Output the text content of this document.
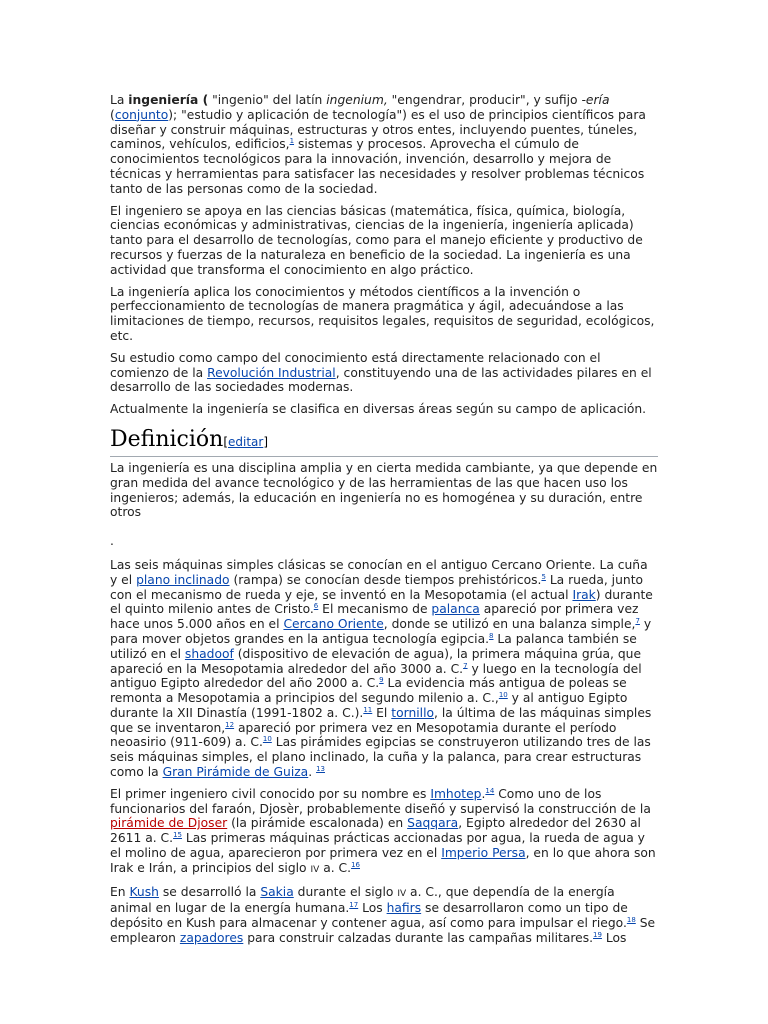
La ingeniería ( "ingenio" del latín ingenium, "engendrar, producir", y sufijo -ería (conjunto); "estudio y aplicación de tecnología") es el uso de principios científicos para diseñar y construir máquinas, estructuras y otros entes, incluyendo puentes, túneles, caminos, vehículos, edificios,$^1$ sistemas y procesos. Aprovecha el cúmulo de conocimientos tecnológicos para la innovación, invención, desarrollo y mejora de técnicas y herramientas para satisfacer las necesidades y resolver problemas técnicos tanto de las personas como de la sociedad.

El ingeniero se apoya en las ciencias básicas (matemática, física, química, biología, ciencias económicas y administrativas, ciencias de la ingeniería, ingeniería aplicada) tanto para el desarrollo de tecnologías, como para el manejo eficiente y productivo de recursos y fuerzas de la naturaleza en beneficio de la sociedad. La ingeniería es una actividad que transforma el conocimiento en algo práctico.

La ingeniería aplica los conocimientos y métodos científicos a la invención o perfeccionamiento de tecnologías de manera pragmática y ágil, adecuándose a las limitaciones de tiempo, recursos, requisitos legales, requisitos de seguridad, ecológicos, etc.

Su estudio como campo del conocimiento está directamente relacionado con el comienzo de la Revolución Industrial, constituyendo una de las actividades pilares en el desarrollo de las sociedades modernas.

Actualmente la ingeniería se clasifica en diversas áreas según su campo de aplicación.

Definición[editar]

La ingeniería es una disciplina amplia y en cierta medida cambiante, ya que depende en gran medida del avance tecnológico y de las herramientas de las que hacen uso los ingenieros; además, la educación en ingeniería no es homogénea y su duración, entre otros

.

Las seis máquinas simples clásicas se conocían en el antiguo Cercano Oriente. La cuña y el plano inclinado (rampa) se conocían desde tiempos prehistóricos.$^5$ La rueda, junto con el mecanismo de rueda y eje, se inventó en la Mesopotamia (el actual Irak) durante el quinto milenio antes de Cristo.$^6$ El mecanismo de palanca apareció por primera vez hace unos 5.000 años en el Cercano Oriente, donde se utilizó en una balanza simple,$^7$ y para mover objetos grandes en la antigua tecnología egipcia.$^8$ La palanca también se utilizó en el shadoof (dispositivo de elevación de agua), la primera máquina grúa, que apareció en la Mesopotamia alrededor del año 3000 a. C.$^7$ y luego en la tecnología del antiguo Egipto alrededor del año 2000 a. C.$^9$ La evidencia más antigua de poleas se remonta a Mesopotamia a principios del segundo milenio a. C.,$^{10}$ y al antiguo Egipto durante la XII Dinastía (1991-1802 a. C.).$^{11}$ El tornillo, la última de las máquinas simples que se inventaron,$^{12}$ apareció por primera vez en Mesopotamia durante el período neoasirio (911-609) a. C.$^{10}$ Las pirámides egipcias se construyeron utilizando tres de las seis máquinas simples, el plano inclinado, la cuña y la palanca, para crear estructuras como la Gran Pirámide de Guiza. $^{13}$

El primer ingeniero civil conocido por su nombre es Imhotep.$^{14}$ Como uno de los funcionarios del faraón, Djosèr, probablemente diseñó y supervisó la construcción de la pirámide de Djoser (la pirámide escalonada) en Saqqara, Egipto alrededor del 2630 al 2611 a. C.$^{15}$ Las primeras máquinas prácticas accionadas por agua, la rueda de agua y el molino de agua, aparecieron por primera vez en el Imperio Persa, en lo que ahora son Irak e Irán, a principios del siglo IV a. C.$^{16}$

En Kush se desarrolló la Sakia durante el siglo IV a. C., que dependía de la energía animal en lugar de la energía humana.$^{17}$ Los hafirs se desarrollaron como un tipo de depósito en Kush para almacenar y contener agua, así como para impulsar el riego.$^{18}$ Se emplearon zapadores para construir calzadas durante las campañas militares.$^{19}$ Los
